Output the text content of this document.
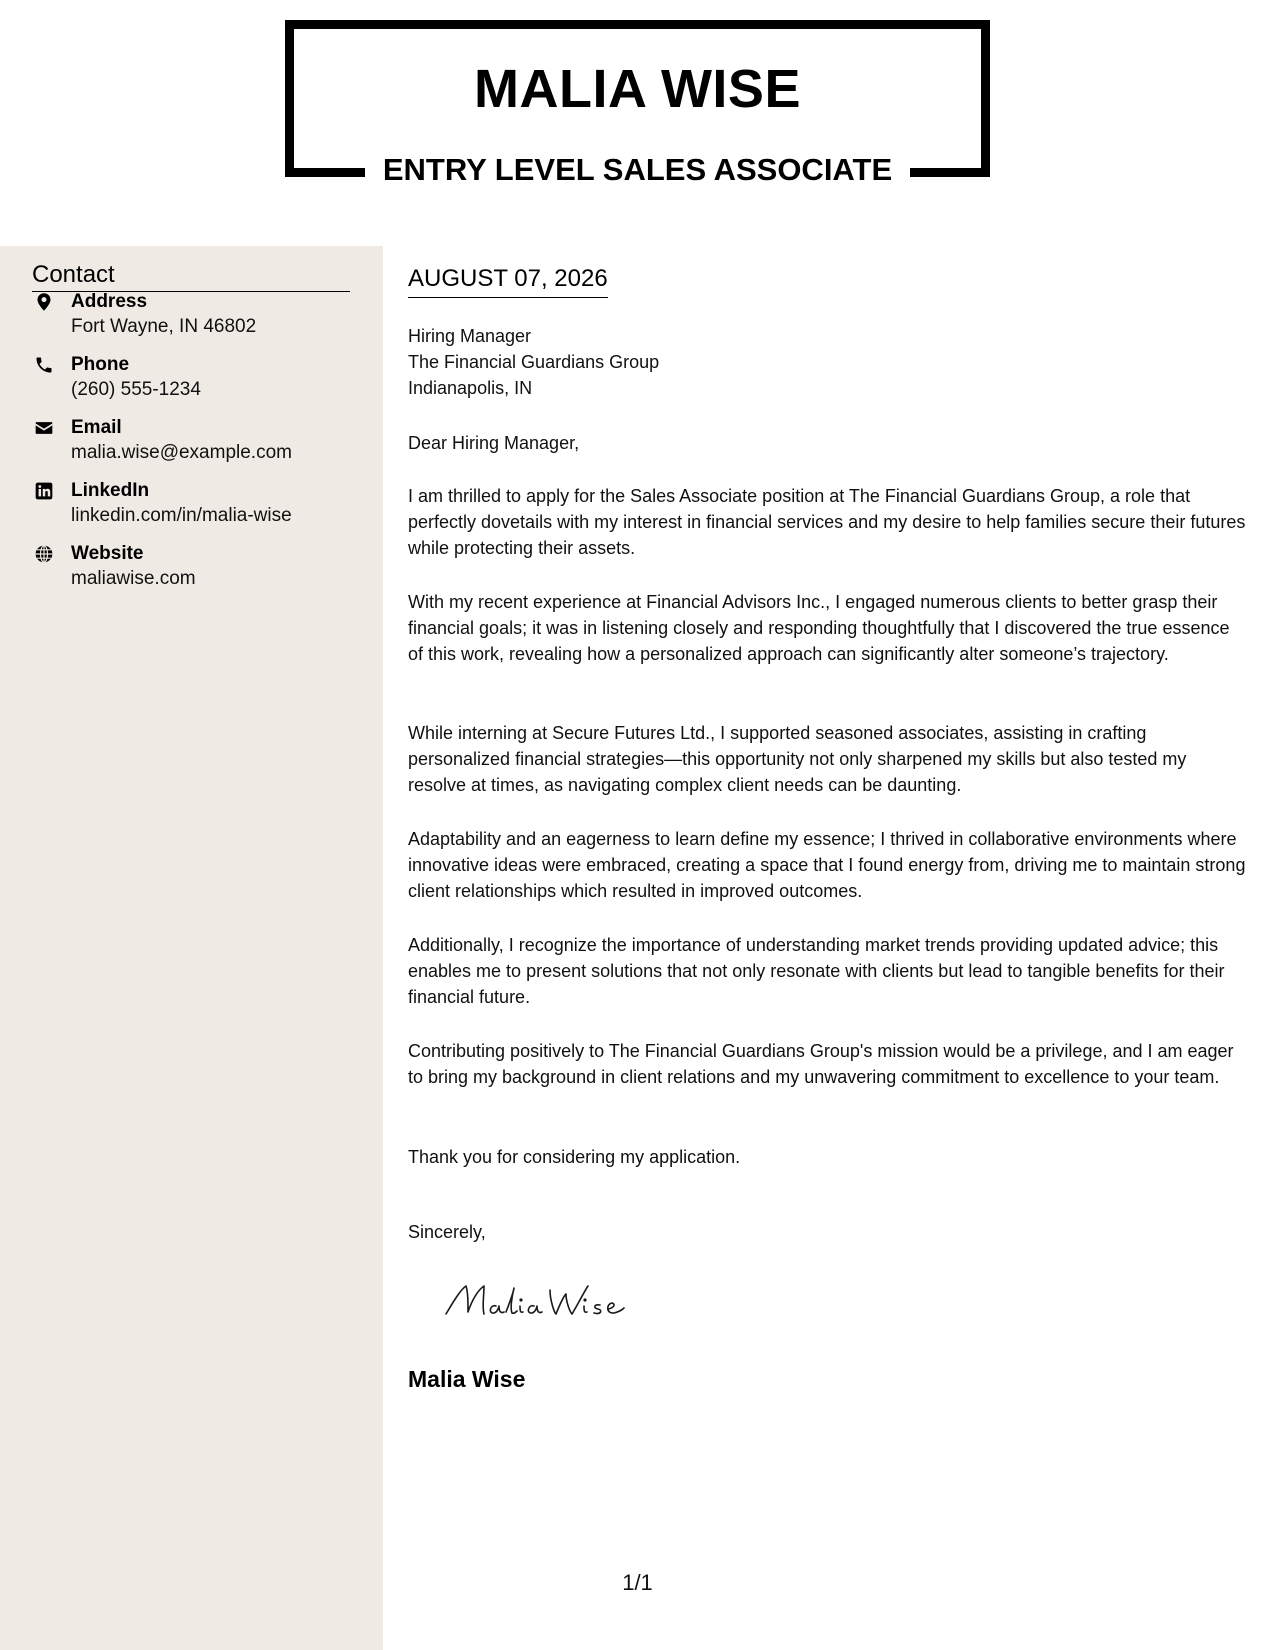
MALIA WISE
ENTRY LEVEL SALES ASSOCIATE
Contact
Address
Fort Wayne, IN 46802
Phone
(260) 555-1234
Email
malia.wise@example.com
LinkedIn
linkedin.com/in/malia-wise
Website
maliawise.com
AUGUST 07, 2026
Hiring Manager
The Financial Guardians Group
Indianapolis, IN
Dear Hiring Manager,
I am thrilled to apply for the Sales Associate position at The Financial Guardians Group, a role that perfectly dovetails with my interest in financial services and my desire to help families secure their futures while protecting their assets.
With my recent experience at Financial Advisors Inc., I engaged numerous clients to better grasp their financial goals; it was in listening closely and responding thoughtfully that I discovered the true essence of this work, revealing how a personalized approach can significantly alter someone’s trajectory.
While interning at Secure Futures Ltd., I supported seasoned associates, assisting in crafting personalized financial strategies—this opportunity not only sharpened my skills but also tested my resolve at times, as navigating complex client needs can be daunting.
Adaptability and an eagerness to learn define my essence; I thrived in collaborative environments where innovative ideas were embraced, creating a space that I found energy from, driving me to maintain strong client relationships which resulted in improved outcomes.
Additionally, I recognize the importance of understanding market trends providing updated advice; this enables me to present solutions that not only resonate with clients but lead to tangible benefits for their financial future.
Contributing positively to The Financial Guardians Group's mission would be a privilege, and I am eager to bring my background in client relations and my unwavering commitment to excellence to your team.
Thank you for considering my application.
Sincerely,
Malia Wise
1/1
